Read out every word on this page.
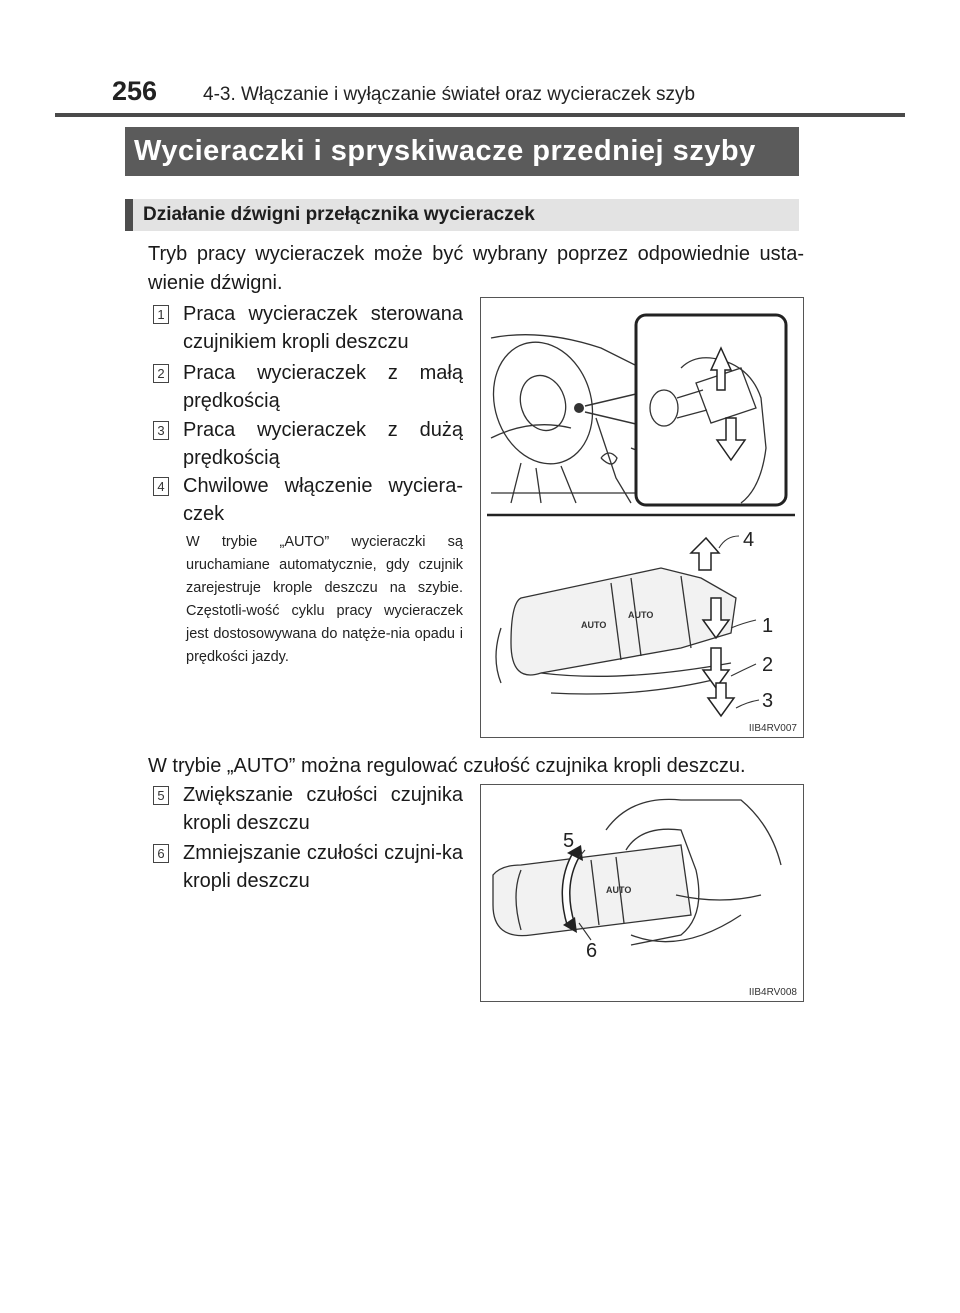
256 4-3. Włączanie i wyłączanie świateł oraz wycieraczek szyb
Wycieraczki i spryskiwacze przedniej szyby
Działanie dźwigni przełącznika wycieraczek
Tryb pracy wycieraczek może być wybrany poprzez odpowiednie usta-wienie dźwigni.
1 Praca wycieraczek sterowana czujnikiem kropli deszczu
2 Praca wycieraczek z małą prędkością
3 Praca wycieraczek z dużą prędkością
4 Chwilowe włączenie wyciera-czek
W trybie „AUTO” wycieraczki są uruchamiane automatycznie, gdy czujnik zarejestruje krople deszczu na szybie. Częstotli-wość cyklu pracy wycieraczek jest dostosowywana do natęże-nia opadu i prędkości jazdy.
AUTO
AUTO
4
1
2
3
IIB4RV007
W trybie „AUTO” można regulować czułość czujnika kropli deszczu.
5 Zwiększanie czułości czujnika kropli deszczu
6 Zmniejszanie czułości czujni-ka kropli deszczu	AUTO
5
6
IIB4RV008
